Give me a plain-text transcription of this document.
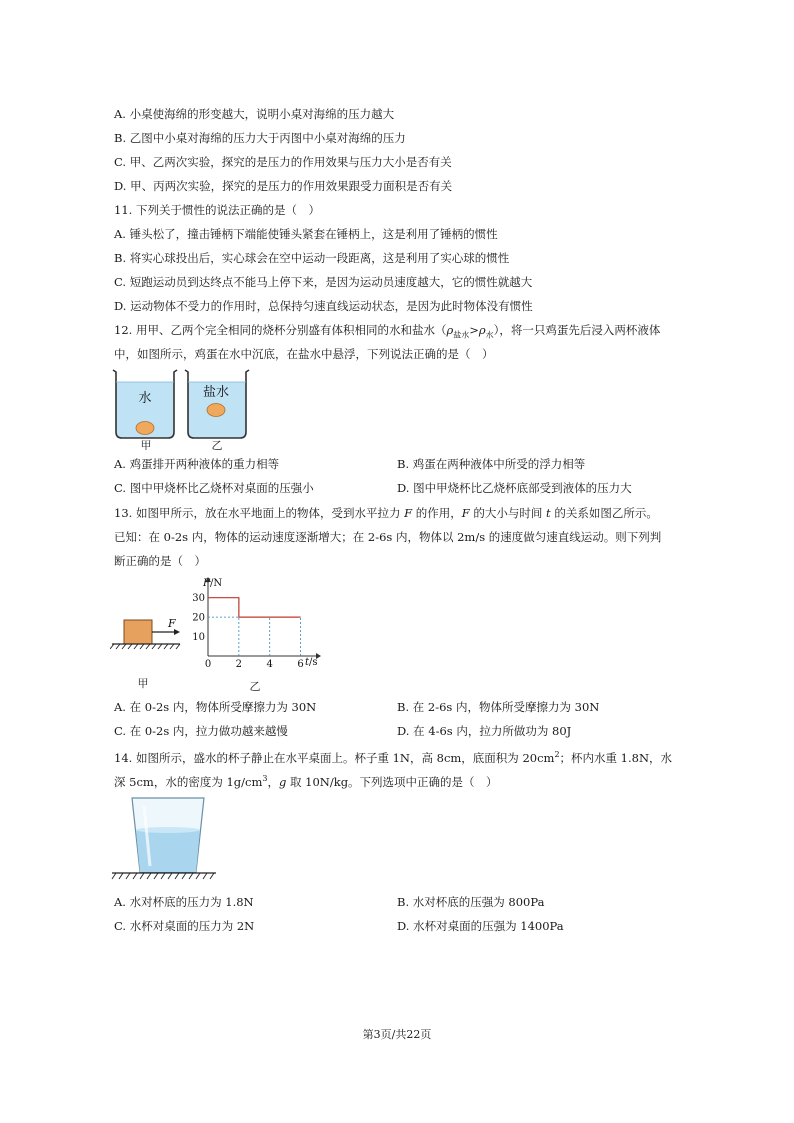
A. 小桌使海绵的形变越大，说明小桌对海绵的压力越大
B. 乙图中小桌对海绵的压力大于丙图中小桌对海绵的压力
C. 甲、乙两次实验，探究的是压力的作用效果与压力大小是否有关
D. 甲、丙两次实验，探究的是压力的作用效果跟受力面积是否有关
11. 下列关于惯性的说法正确的是（　）
A. 锤头松了，撞击锤柄下端能使锤头紧套在锤柄上，这是利用了锤柄的惯性
B. 将实心球投出后，实心球会在空中运动一段距离，这是利用了实心球的惯性
C. 短跑运动员到达终点不能马上停下来，是因为运动员速度越大，它的惯性就越大
D. 运动物体不受力的作用时，总保持匀速直线运动状态，是因为此时物体没有惯性
12. 用甲、乙两个完全相同的烧杯分别盛有体积相同的水和盐水$(\rho_{盐水}>\rho_水)$，将一只鸡蛋先后浸入两杯液体
中，如图所示，鸡蛋在水中沉底，在盐水中悬浮，下列说法正确的是（　）
水	盐水
甲	乙
A. 鸡蛋排开两种液体的重力相等	B. 鸡蛋在两种液体中所受的浮力相等
C. 图中甲烧杯比乙烧杯对桌面的压强小	D. 图中甲烧杯比乙烧杯底部受到液体的压力大
13. 如图甲所示，放在水平地面上的物体，受到水平拉力 F 的作用，F 的大小与时间 t 的关系如图乙所示。
已知：在 0-2s 内，物体的运动速度逐渐增大；在 2-6s 内，物体以 2m/s 的速度做匀速直线运动。则下列判
断正确的是（　）
F
甲
0 2 4 6
10
20
30
F/N
t/s
乙
A. 在 0-2s 内，物体所受摩擦力为 30N	B. 在 2-6s 内，物体所受摩擦力为 30N
C. 在 0-2s 内，拉力做功越来越慢	D. 在 4-6s 内，拉力所做功为 80J
14. 如图所示，盛水的杯子静止在水平桌面上。杯子重 1N，高 8cm，底面积为 $20cm^2$；杯内水重 1.8N，水
深 5cm，水的密度为 $1g/cm^3$，g 取 10N/kg。下列选项中正确的是（　）
A. 水对杯底的压力为 1.8N	B. 水对杯底的压强为 800Pa
C. 水杯对桌面的压力为 2N	D. 水杯对桌面的压强为 1400Pa
第3页/共22页
